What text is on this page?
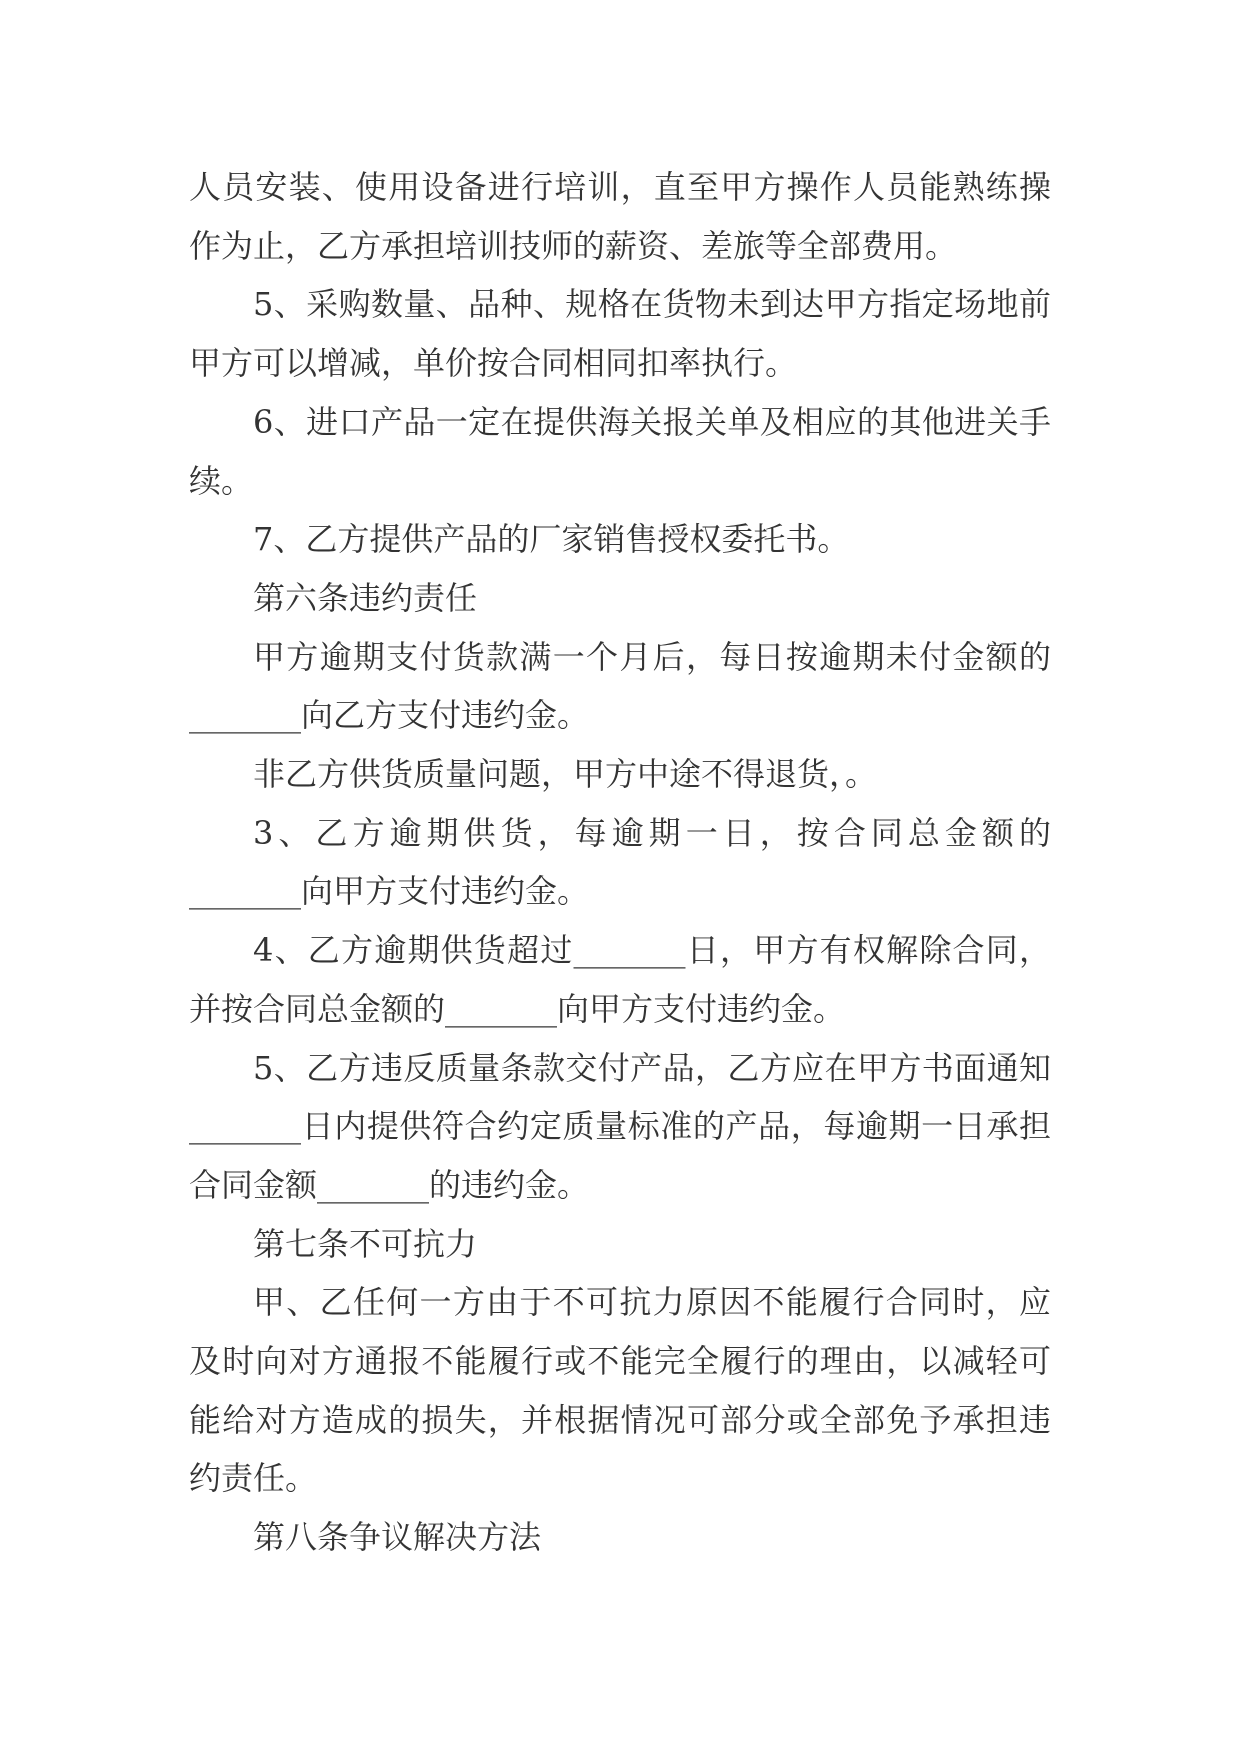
人员安装、使用设备进行培训，直至甲方操作人员能熟练操作为止，乙方承担培训技师的薪资、差旅等全部费用。

5、采购数量、品种、规格在货物未到达甲方指定场地前甲方可以增减，单价按合同相同扣率执行。

6、进口产品一定在提供海关报关单及相应的其他进关手续。

7、乙方提供产品的厂家销售授权委托书。

第六条违约责任

甲方逾期支付货款满一个月后，每日按逾期未付金额的_______向乙方支付违约金。

非乙方供货质量问题，甲方中途不得退货，。

3、乙方逾期供货，每逾期一日，按合同总金额的_______向甲方支付违约金。

4、乙方逾期供货超过_______日，甲方有权解除合同，并按合同总金额的_______向甲方支付违约金。

5、乙方违反质量条款交付产品，乙方应在甲方书面通知_______日内提供符合约定质量标准的产品，每逾期一日承担合同金额_______的违约金。

第七条不可抗力

甲、乙任何一方由于不可抗力原因不能履行合同时，应及时向对方通报不能履行或不能完全履行的理由，以减轻可能给对方造成的损失，并根据情况可部分或全部免予承担违约责任。

第八条争议解决方法
